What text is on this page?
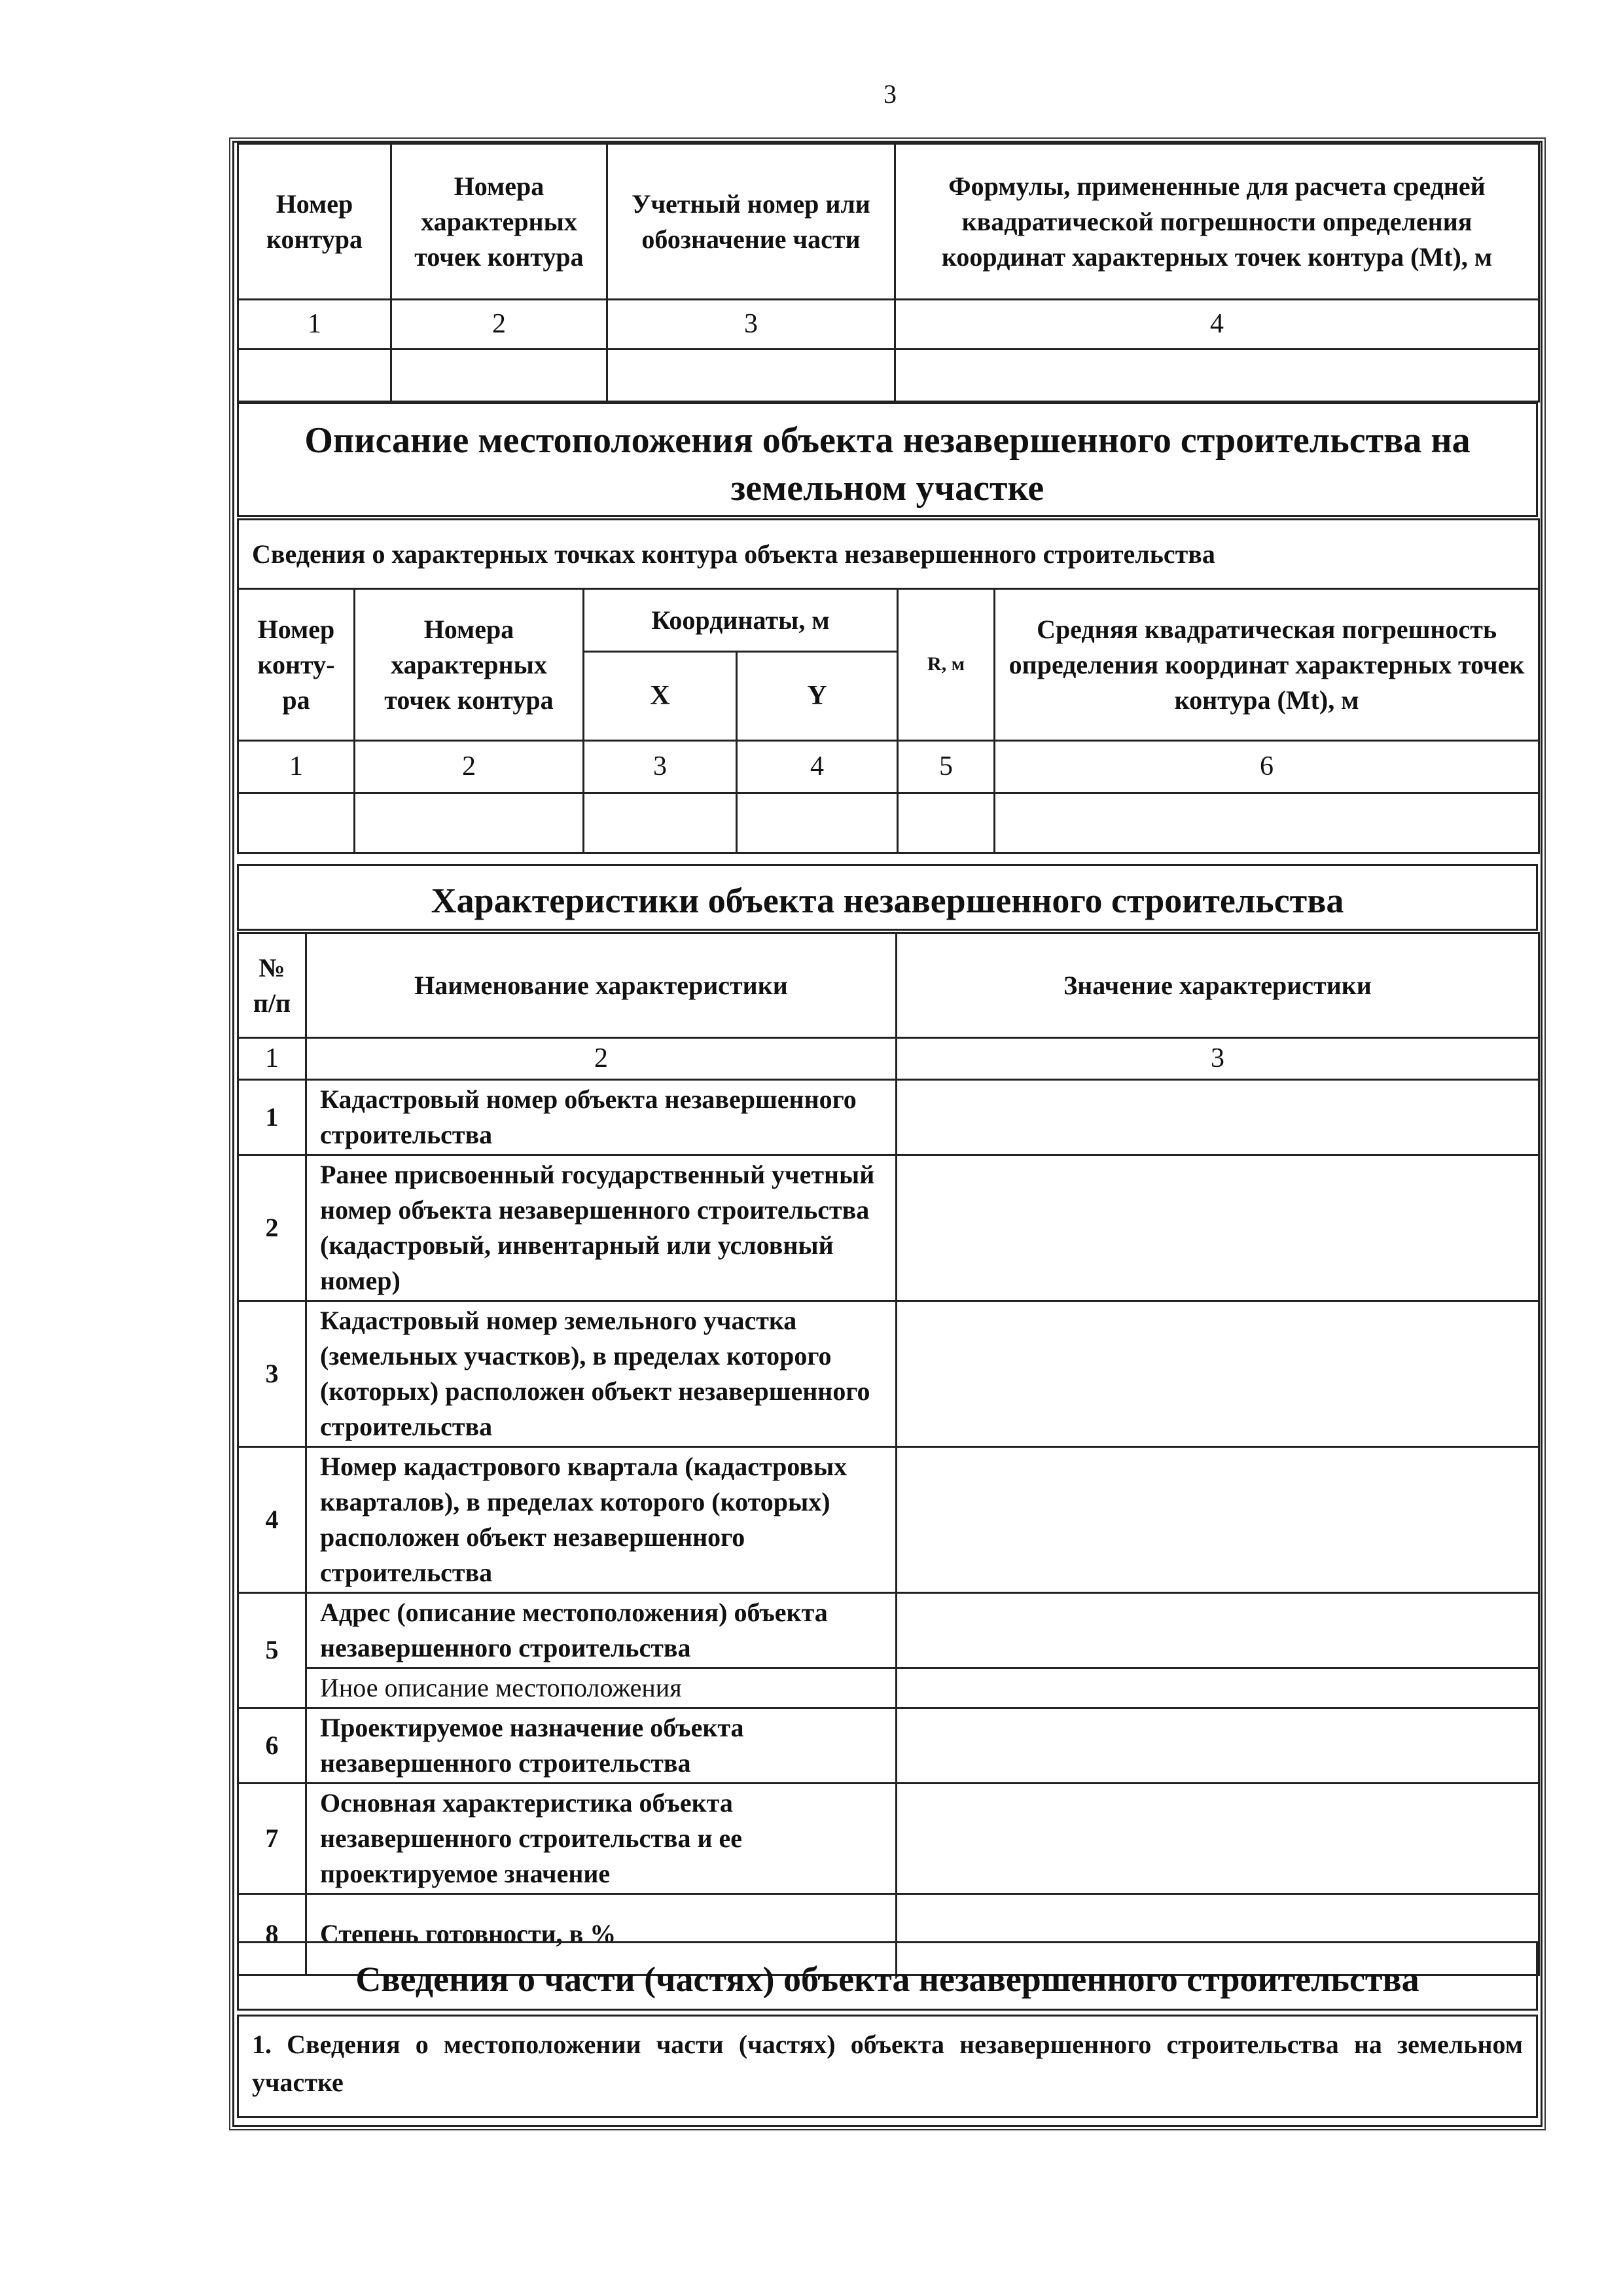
3
Номер контура	Номера характерных точек контура	Учетный номер или обозначение части	Формулы, примененные для расчета средней квадратической погрешности определения координат характерных точек контура (Mt), м
1	2	3	4

Описание местоположения объекта незавершенного строительства на земельном участке
Сведения о характерных точках контура объекта незавершенного строительства					
Номер конту-ра	Номера характерных точек контура	Координаты, м		R, м	Средняя квадратическая погрешность определения координат характерных точек контура (Mt), м
		X	Y		
1	2	3	4	5	6

Характеристики объекта незавершенного строительства
№ п/п	Наименование характеристики	Значение характеристики
1	2	3
1	Кадастровый номер объекта незавершенного строительства	
2	Ранее присвоенный государственный учетный номер объекта незавершенного строительства (кадастровый, инвентарный или условный номер)	
3	Кадастровый номер земельного участка (земельных участков), в пределах которого (которых) расположен объект незавершенного строительства	
4	Номер кадастрового квартала (кадастровых кварталов), в пределах которого (которых) расположен объект незавершенного строительства	
5	Адрес (описание местоположения) объекта незавершенного строительства	
	Иное описание местоположения	
6	Проектируемое назначение объекта незавершенного строительства	
7	Основная характеристика объекта незавершенного строительства и ее проектируемое значение	
8	Степень готовности, в %	
Сведения о части (частях) объекта незавершенного строительства
1. Сведения о местоположении части (частях) объекта незавершенного строительства на земельном участке
